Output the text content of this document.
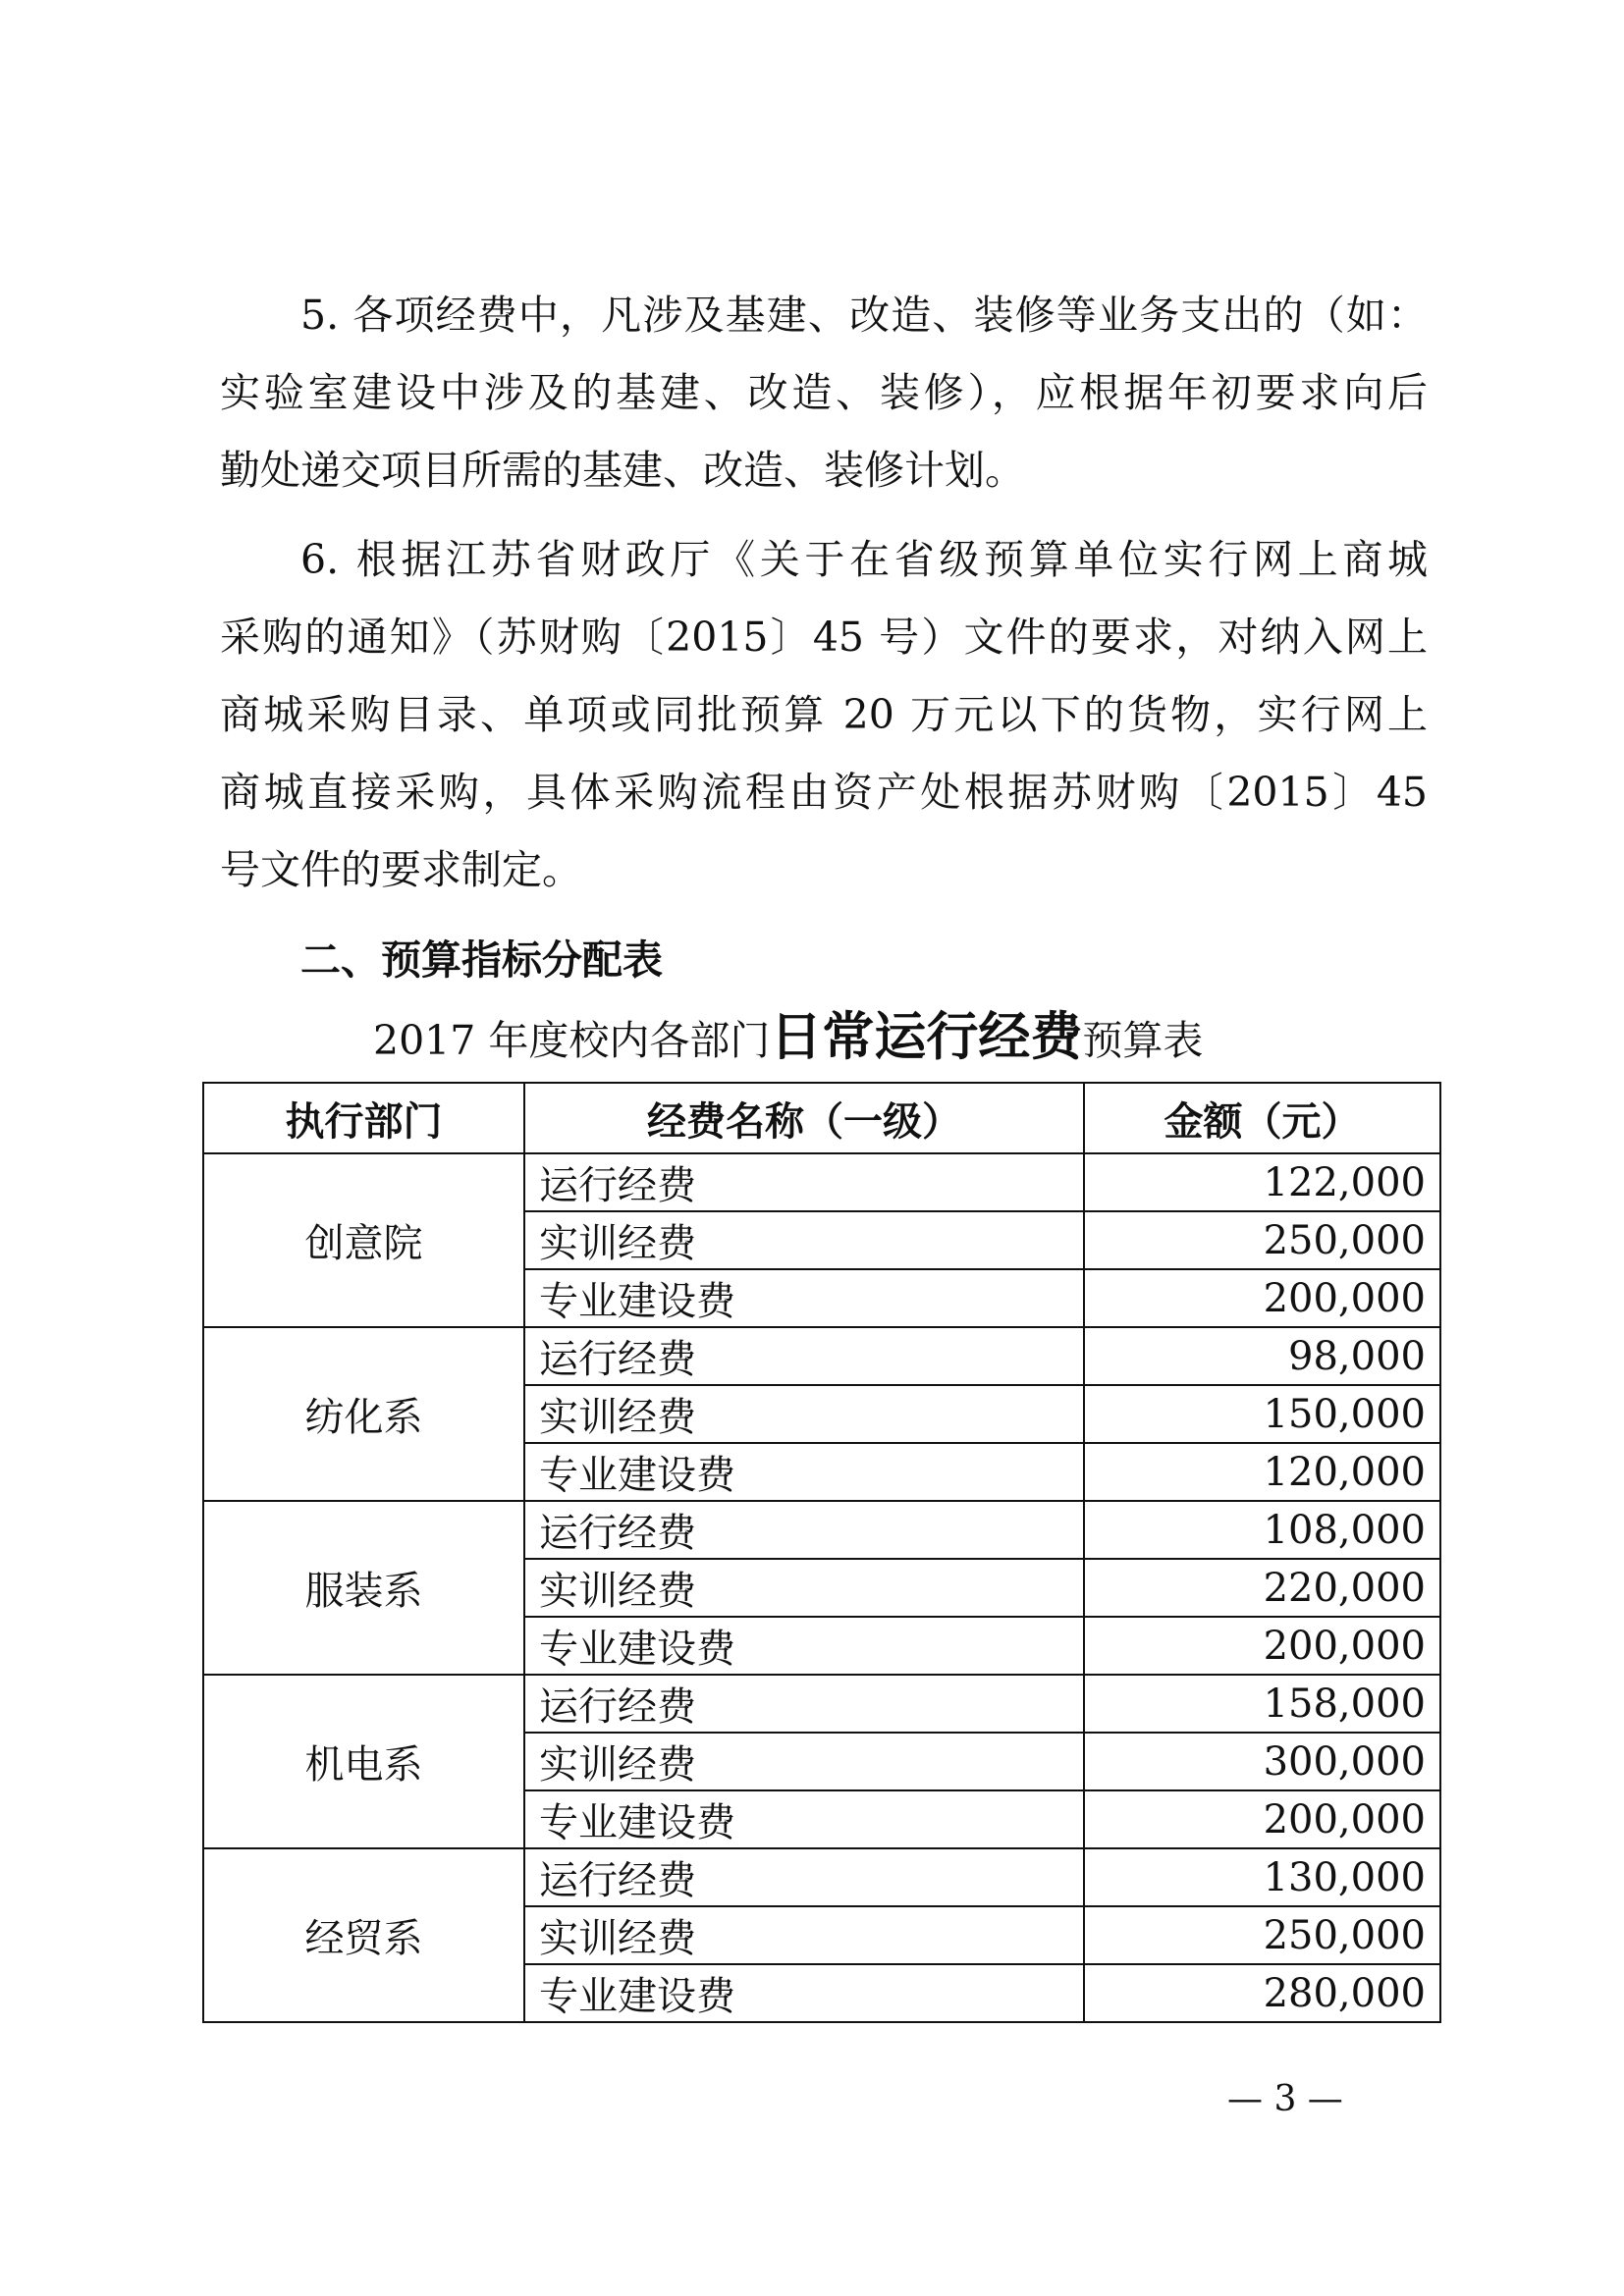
5. 各项经费中，凡涉及基建、改造、装修等业务支出的（如：
实验室建设中涉及的基建、改造、装修），应根据年初要求向后
勤处递交项目所需的基建、改造、装修计划。
6. 根据江苏省财政厅《关于在省级预算单位实行网上商城
采购的通知》（苏财购〔2015〕45 号）文件的要求，对纳入网上
商城采购目录、单项或同批预算 20 万元以下的货物，实行网上
商城直接采购，具体采购流程由资产处根据苏财购〔2015〕45
号文件的要求制定。
二、预算指标分配表
2017 年度校内各部门日常运行经费预算表
执行部门	经费名称（一级）	金额（元）
创意院	运行经费	122,000
	实训经费	250,000
	专业建设费	200,000
纺化系	运行经费	98,000
	实训经费	150,000
	专业建设费	120,000
服装系	运行经费	108,000
	实训经费	220,000
	专业建设费	200,000
机电系	运行经费	158,000
	实训经费	300,000
	专业建设费	200,000
经贸系	运行经费	130,000
	实训经费	250,000
	专业建设费	280,000
— 3 —
